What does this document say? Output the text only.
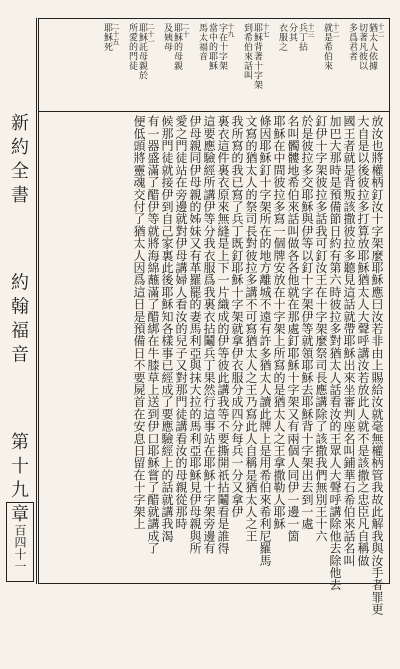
新約全書  約翰福音  第十九章
一百四十一
十二
猶太人依據
切著凡彼以
多爲君者
十二
就是希伯來
十三
兵丁拈
分其
衣服之
十七
耶穌背著十字架
到希伯來話叫
十九
字在十字架
當中的耶穌
馬太福音
二十
耶穌的母親
及姨母
二十一
耶穌託母親於
所愛的門徒
二十五
耶穌死
放汝也將權柄釘汝十字架麼耶穌應曰汝若非由上賜給汝就毫無權柄管我故此解我與汝手者罪更
大自是以後彼拉多打算放耶穌猶太人大聲呼講汝若放此人就不是該撒之忠臣凡自稱做
國王者就是背叛該撒彼拉多聽見這話就帶耶穌出來坐審判座名叫鋪華石希伯來話名叫
加巴大那時是預備節日約有第六時彼拉多對猶太人話看汝的王眾人大聲呼講除他去除他去
釘伊十字架彼拉多話我可釘汝王在十字架麼祭司長應講除了該撒我們無別王十六
於是彼拉多交耶穌與伊等以釘十字架伊等就領耶穌去耶穌背十字架出去到一處
名叫髑髏地希伯來話叫做各各他就在那處釘耶穌十字架又有兩個人同伊一邊一箇
耶穌在中間彼拉多寫一個牌安放在十字架上所寫的是猶太人之王拿撒勒人耶穌
條因耶穌釘十字架所在的地方離城不遠有許多猶太人讀此牌上是用希伯來希利尼羅馬
文寫的猶太人的祭司長對彼拉多講不可寫猶太人之王乃寫此人自稱是猶太人之王
我所寫的我已寫了兵丁既釘耶穌十字架就拿伊衣服分成四分每兵一分又拿伊
裏衣這件裏衣原來無縫是上下一片織成的伊等彼此講我等不要撕開祇拈鬮看是誰得
這要應驗經所講伊等分我衣服爲我裏衣拈鬮兵丁果然行這事站在耶穌十字架旁邊有
伊母親同伊母親的姊妹又有革羅罷的妻馬利亞與抹大拉的馬利亞耶穌見伊母親與所
愛之門徒站在旁邊就對伊母講婦人看汝的兒子又對那門徒講看汝的母親從那時
候那門徒就接伊到自己家裏此後耶穌知各樣事已經成了要應驗經上的話就講我渴
有一器盛滿了醋伊等就將海綿蘸滿了醋綁在牛膝草上送到伊口耶穌嘗了醋就講成了
便低頭將靈魂交付了猶太人因爲這日是預備日不要屍首在安息日留在十字架上
